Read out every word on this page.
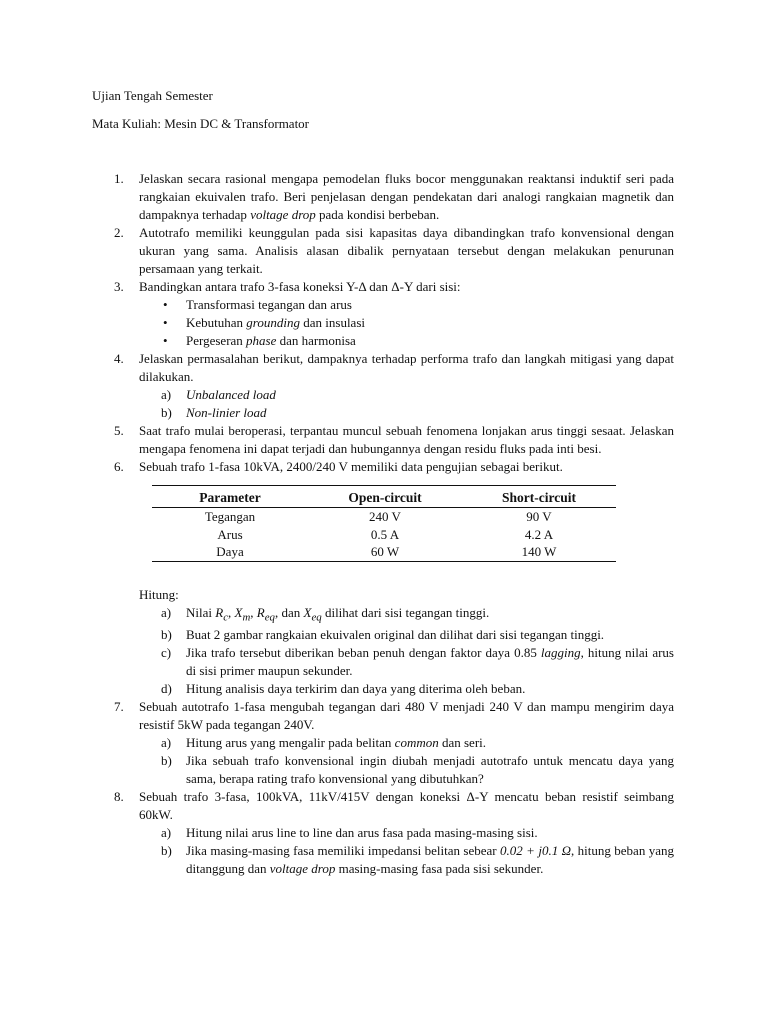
Ujian Tengah Semester
Mata Kuliah: Mesin DC & Transformator
1. Jelaskan secara rasional mengapa pemodelan fluks bocor menggunakan reaktansi induktif seri pada rangkaian ekuivalen trafo. Beri penjelasan dengan pendekatan dari analogi rangkaian magnetik dan dampaknya terhadap voltage drop pada kondisi berbeban.
2. Autotrafo memiliki keunggulan pada sisi kapasitas daya dibandingkan trafo konvensional dengan ukuran yang sama. Analisis alasan dibalik pernyataan tersebut dengan melakukan penurunan persamaan yang terkait.
3. Bandingkan antara trafo 3-fasa koneksi Y-Δ dan Δ-Y dari sisi:
• Transformasi tegangan dan arus
• Kebutuhan grounding dan insulasi
• Pergeseran phase dan harmonisa
4. Jelaskan permasalahan berikut, dampaknya terhadap performa trafo dan langkah mitigasi yang dapat dilakukan.
a) Unbalanced load
b) Non-linier load
5. Saat trafo mulai beroperasi, terpantau muncul sebuah fenomena lonjakan arus tinggi sesaat. Jelaskan mengapa fenomena ini dapat terjadi dan hubungannya dengan residu fluks pada inti besi.
6. Sebuah trafo 1-fasa 10kVA, 2400/240 V memiliki data pengujian sebagai berikut.
Parameter	Open-circuit	Short-circuit
Tegangan	240 V	90 V
Arus	0.5 A	4.2 A
Daya	60 W	140 W
Hitung:
a) Nilai $R_c$, $X_m$, $R_{eq}$, dan $X_{eq}$ dilihat dari sisi tegangan tinggi.
b) Buat 2 gambar rangkaian ekuivalen original dan dilihat dari sisi tegangan tinggi.
c) Jika trafo tersebut diberikan beban penuh dengan faktor daya 0.85 lagging, hitung nilai arus di sisi primer maupun sekunder.
d) Hitung analisis daya terkirim dan daya yang diterima oleh beban.
7. Sebuah autotrafo 1-fasa mengubah tegangan dari 480 V menjadi 240 V dan mampu mengirim daya resistif 5kW pada tegangan 240V.
a) Hitung arus yang mengalir pada belitan common dan seri.
b) Jika sebuah trafo konvensional ingin diubah menjadi autotrafo untuk mencatu daya yang sama, berapa rating trafo konvensional yang dibutuhkan?
8. Sebuah trafo 3-fasa, 100kVA, 11kV/415V dengan koneksi Δ-Y mencatu beban resistif seimbang 60kW.
a) Hitung nilai arus line to line dan arus fasa pada masing-masing sisi.
b) Jika masing-masing fasa memiliki impedansi belitan sebear 0.02 + j0.1 Ω, hitung beban yang ditanggung dan voltage drop masing-masing fasa pada sisi sekunder.
